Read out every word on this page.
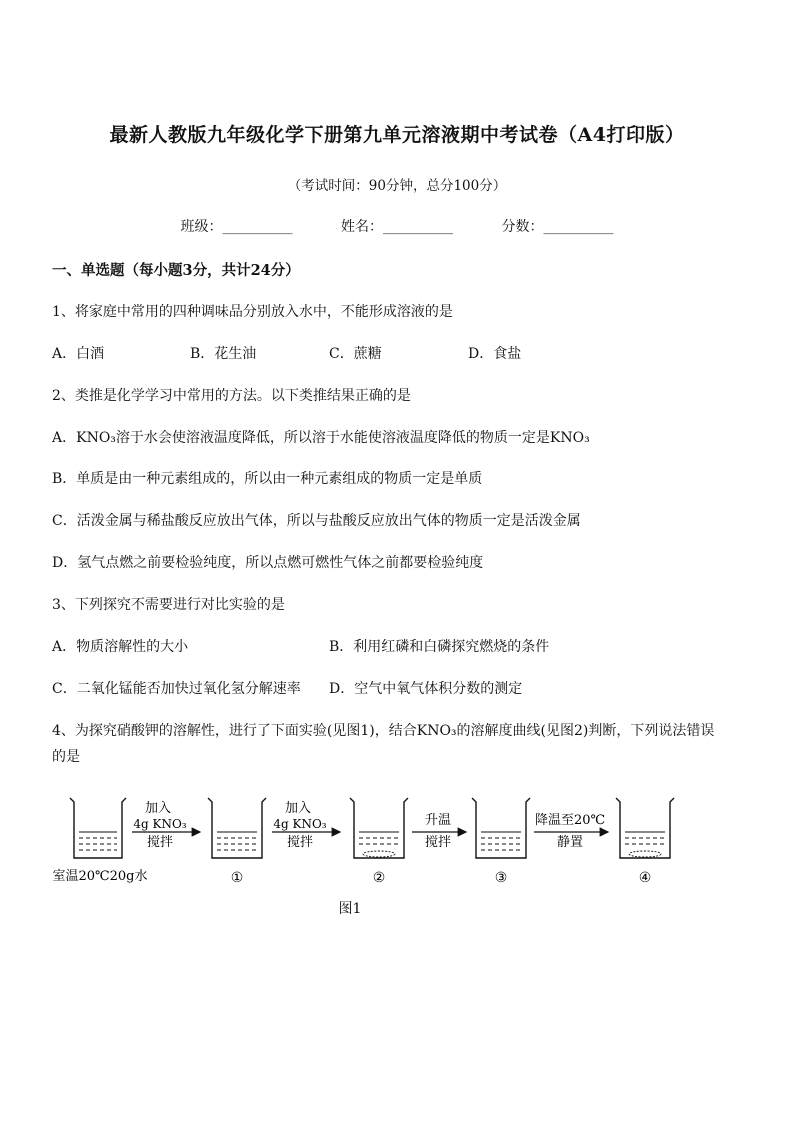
最新人教版九年级化学下册第九单元溶液期中考试卷（A4打印版）
（考试时间：90分钟，总分100分）
班级：__________	姓名：__________	分数：__________
一、单选题（每小题3分，共计24分）
1、将家庭中常用的四种调味品分别放入水中，不能形成溶液的是
A．白酒	B．花生油	C．蔗糖	D．食盐
2、类推是化学学习中常用的方法。以下类推结果正确的是
A．KNO₃溶于水会使溶液温度降低，所以溶于水能使溶液温度降低的物质一定是KNO₃
B．单质是由一种元素组成的，所以由一种元素组成的物质一定是单质
C．活泼金属与稀盐酸反应放出气体，所以与盐酸反应放出气体的物质一定是活泼金属
D．氢气点燃之前要检验纯度，所以点燃可燃性气体之前都要检验纯度
3、下列探究不需要进行对比实验的是
A．物质溶解性的大小	B．利用红磷和白磷探究燃烧的条件
C．二氧化锰能否加快过氧化氢分解速率 D．空气中氧气体积分数的测定
4、为探究硝酸钾的溶解性，进行了下面实验(见图1)，结合KNO₃的溶解度曲线(见图2)判断，下列说法错误
的是
加入
4g KNO₃
搅拌
①
加入
4g KNO₃
搅拌
②
升温
搅拌
③
降温至20℃
静置
④
室温20℃20g水
图1
